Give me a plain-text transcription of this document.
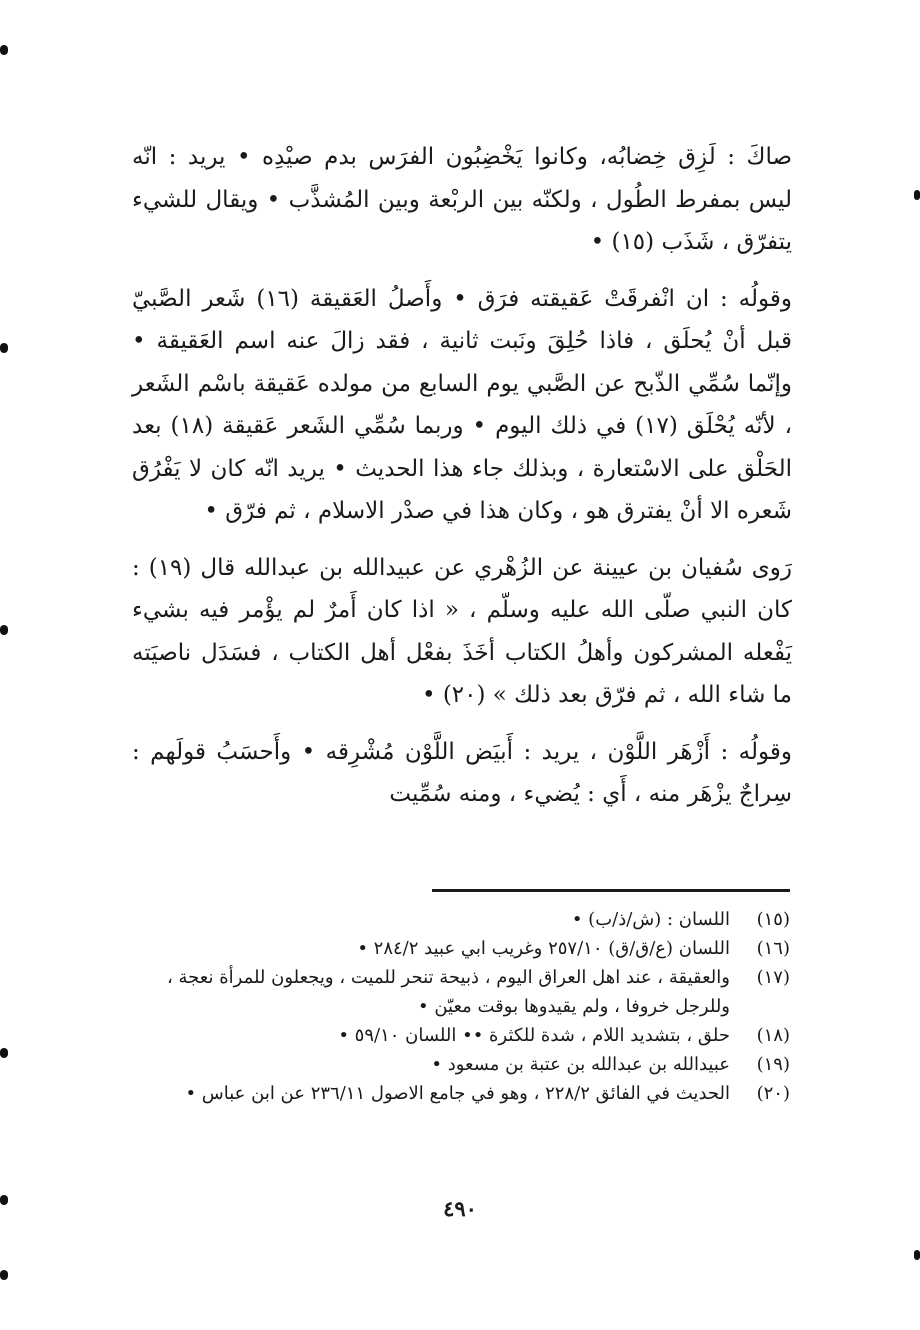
صاكَ : لَزِق خِضابُه، وكانوا يَخْضِبُون الفرَس بدم صيْدِه • يريد : انّه ليس بمفرط الطُول ، ولكنّه بين الربْعة وبين المُشذَّب • ويقال للشيء يتفرّق ، شَذَب (١٥) •

وقولُه : ان انْفرقَتْ عَقيقته فرَق • وأَصلُ العَقيقة (١٦) شَعر الصَّبيّ قبل أنْ يُحلَق ، فاذا حُلِقَ ونَبت ثانية ، فقد زالَ عنه اسم العَقيقة • وإنّما سُمِّي الذّبح عن الصَّبي يوم السابع من مولده عَقيقة باسْم الشَعر ، لأنّه يُحْلَق (١٧) في ذلك اليوم • وربما سُمِّي الشَعر عَقيقة (١٨) بعد الحَلْق على الاسْتعارة ، وبذلك جاء هذا الحديث • يريد انّه كان لا يَفْرُق شَعره الا أنْ يفترق هو ، وكان هذا في صدْر الاسلام ، ثم فرّق •

رَوى سُفيان بن عيينة عن الزُهْري عن عبيدالله بن عبدالله قال (١٩) : كان النبي صلّى الله عليه وسلّم ، « اذا كان أَمرٌ لم يؤْمر فيه بشيء يَفْعله المشركون وأهلُ الكتاب أخَذَ بفعْل أهل الكتاب ، فسَدَل ناصيَته ما شاء الله ، ثم فرّق بعد ذلك » (٢٠) •

وقولُه : أَزْهَر اللَّوْن ، يريد : أَبيَض اللَّوْن مُشْرِقه • وأَحسَبُ قولَهم : سِراجٌ يزْهَر منه ، أَي : يُضيء ، ومنه سُمِّيت

(١٥)
اللسان : (ش/ذ/ب) •
(١٦)
اللسان (ع/ق/ق) ٢٥٧/١٠ وغريب ابي عبيد ٢٨٤/٢ •
(١٧)
والعقيقة ، عند اهل العراق اليوم ، ذبيحة تنحر للميت ، ويجعلون للمرأة نعجة ، وللرجل خروفا ، ولم يقيدوها بوقت معيّن •
(١٨)
حلق ، بتشديد اللام ، شدة للكثرة •• اللسان ٥٩/١٠ •
(١٩)
عبيدالله بن عبدالله بن عتبة بن مسعود •
(٢٠)
الحديث في الفائق ٢٢٨/٢ ، وهو في جامع الاصول ٢٣٦/١١ عن ابن عباس •
٤٩٠
